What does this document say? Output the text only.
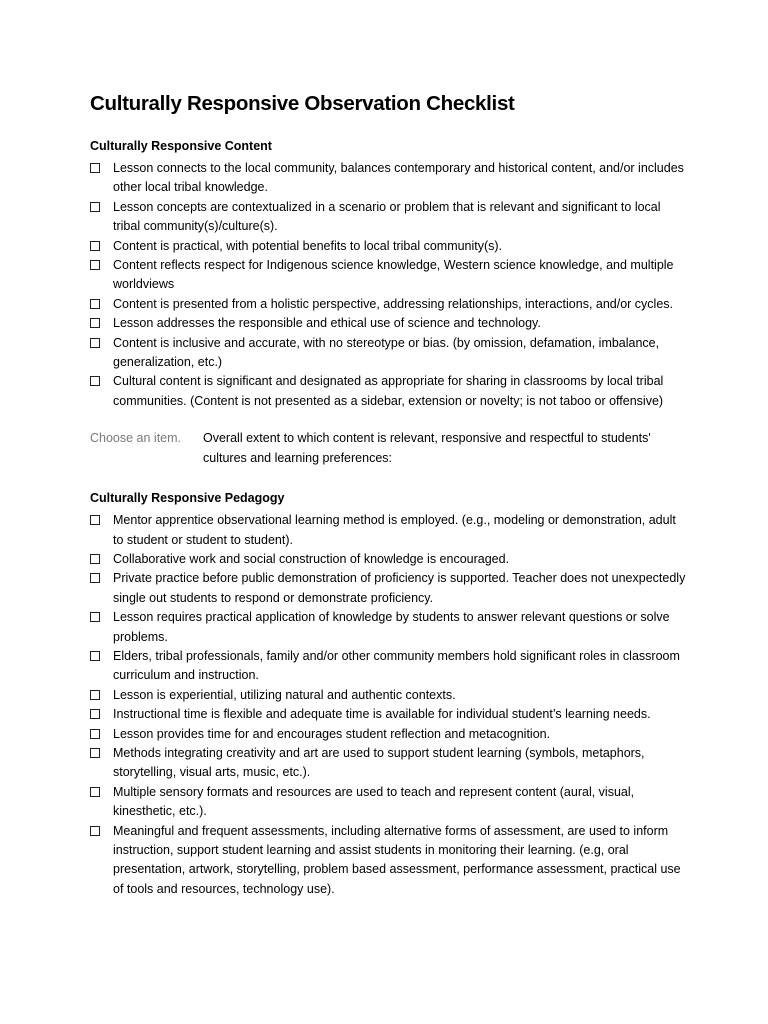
Culturally Responsive Observation Checklist
Culturally Responsive Content
Lesson connects to the local community, balances contemporary and historical content, and/or includes other local tribal knowledge.
Lesson concepts are contextualized in a scenario or problem that is relevant and significant to local tribal community(s)/culture(s).
Content is practical, with potential benefits to local tribal community(s).
Content reflects respect for Indigenous science knowledge, Western science knowledge, and multiple worldviews
Content is presented from a holistic perspective, addressing relationships, interactions, and/or cycles.
Lesson addresses the responsible and ethical use of science and technology.
Content is inclusive and accurate, with no stereotype or bias. (by omission, defamation, imbalance, generalization, etc.)
Cultural content is significant and designated as appropriate for sharing in classrooms by local tribal communities. (Content is not presented as a sidebar, extension or novelty; is not taboo or offensive)
Choose an item.	Overall extent to which content is relevant, responsive and respectful to students' cultures and learning preferences:
Culturally Responsive Pedagogy
Mentor apprentice observational learning method is employed. (e.g., modeling or demonstration, adult to student or student to student).
Collaborative work and social construction of knowledge is encouraged.
Private practice before public demonstration of proficiency is supported. Teacher does not unexpectedly single out students to respond or demonstrate proficiency.
Lesson requires practical application of knowledge by students to answer relevant questions or solve problems.
Elders, tribal professionals, family and/or other community members hold significant roles in classroom curriculum and instruction.
Lesson is experiential, utilizing natural and authentic contexts.
Instructional time is flexible and adequate time is available for individual student’s learning needs.
Lesson provides time for and encourages student reflection and metacognition.
Methods integrating creativity and art are used to support student learning (symbols, metaphors, storytelling, visual arts, music, etc.).
Multiple sensory formats and resources are used to teach and represent content (aural, visual, kinesthetic, etc.).
Meaningful and frequent assessments, including alternative forms of assessment, are used to inform instruction, support student learning and assist students in monitoring their learning. (e.g, oral presentation, artwork, storytelling, problem based assessment, performance assessment, practical use of tools and resources, technology use).
